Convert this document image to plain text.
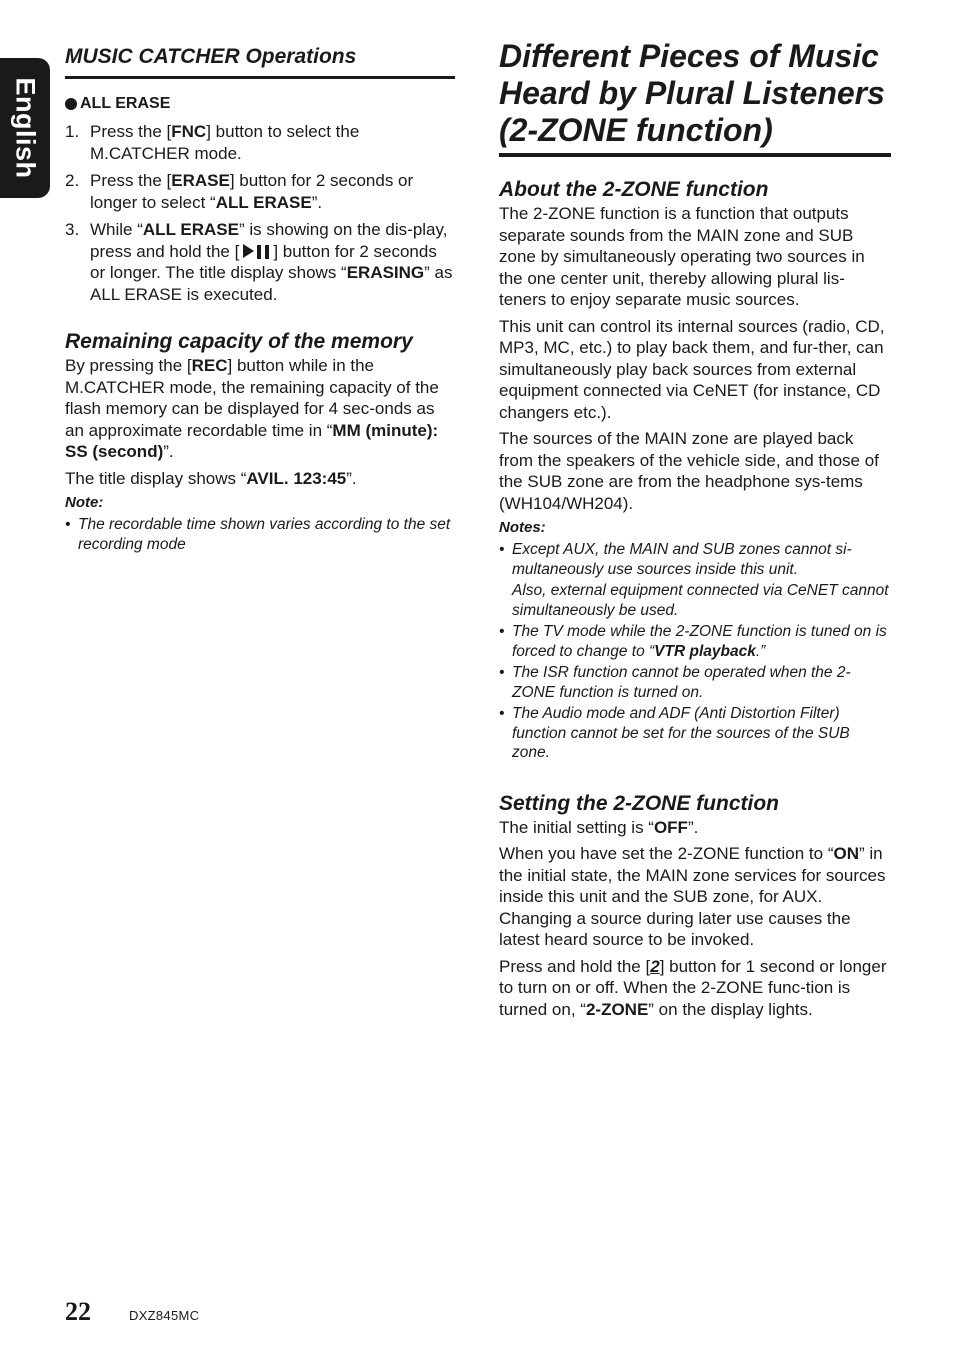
English
MUSIC CATCHER Operations
ALL ERASE
1. Press the [FNC] button to select the M.CATCHER mode.
2. Press the [ERASE] button for 2 seconds or longer to select “ALL ERASE”.
3. While “ALL ERASE” is showing on the dis-play, press and hold the [ ] button for 2 seconds or longer. The title display shows “ERASING” as ALL ERASE is executed.
Remaining capacity of the memory

By pressing the [REC] button while in the M.CATCHER mode, the remaining capacity of the flash memory can be displayed for 4 sec-onds as an approximate recordable time in “MM (minute): SS (second)”.

The title display shows “AVIL. 123:45”.

Note:
• The recordable time shown varies according to the set recording mode
Different Pieces of Music Heard by Plural Listeners (2-ZONE function)
About the 2-ZONE function

The 2-ZONE function is a function that outputs separate sounds from the MAIN zone and SUB zone by simultaneously operating two sources in the one center unit, thereby allowing plural lis-teners to enjoy separate music sources.

This unit can control its internal sources (radio, CD, MP3, MC, etc.) to play back them, and fur-ther, can simultaneously play back sources from external equipment connected via CeNET (for instance, CD changers etc.).

The sources of the MAIN zone are played back from the speakers of the vehicle side, and those of the SUB zone are from the headphone sys-tems (WH104/WH204).

Notes:
• Except AUX, the MAIN and SUB zones cannot si-multaneously use sources inside this unit.
Also, external equipment connected via CeNET cannot simultaneously be used.
• The TV mode while the 2-ZONE function is tuned on is forced to change to “VTR playback.”
• The ISR function cannot be operated when the 2-ZONE function is turned on.
• The Audio mode and ADF (Anti Distortion Filter) function cannot be set for the sources of the SUB zone.
Setting the 2-ZONE function

The initial setting is “OFF”.

When you have set the 2-ZONE function to “ON” in the initial state, the MAIN zone services for sources inside this unit and the SUB zone, for AUX. Changing a source during later use causes the latest heard source to be invoked.

Press and hold the [2] button for 1 second or longer to turn on or off. When the 2-ZONE func-tion is turned on, “2-ZONE” on the display lights.

22	DXZ845MC
